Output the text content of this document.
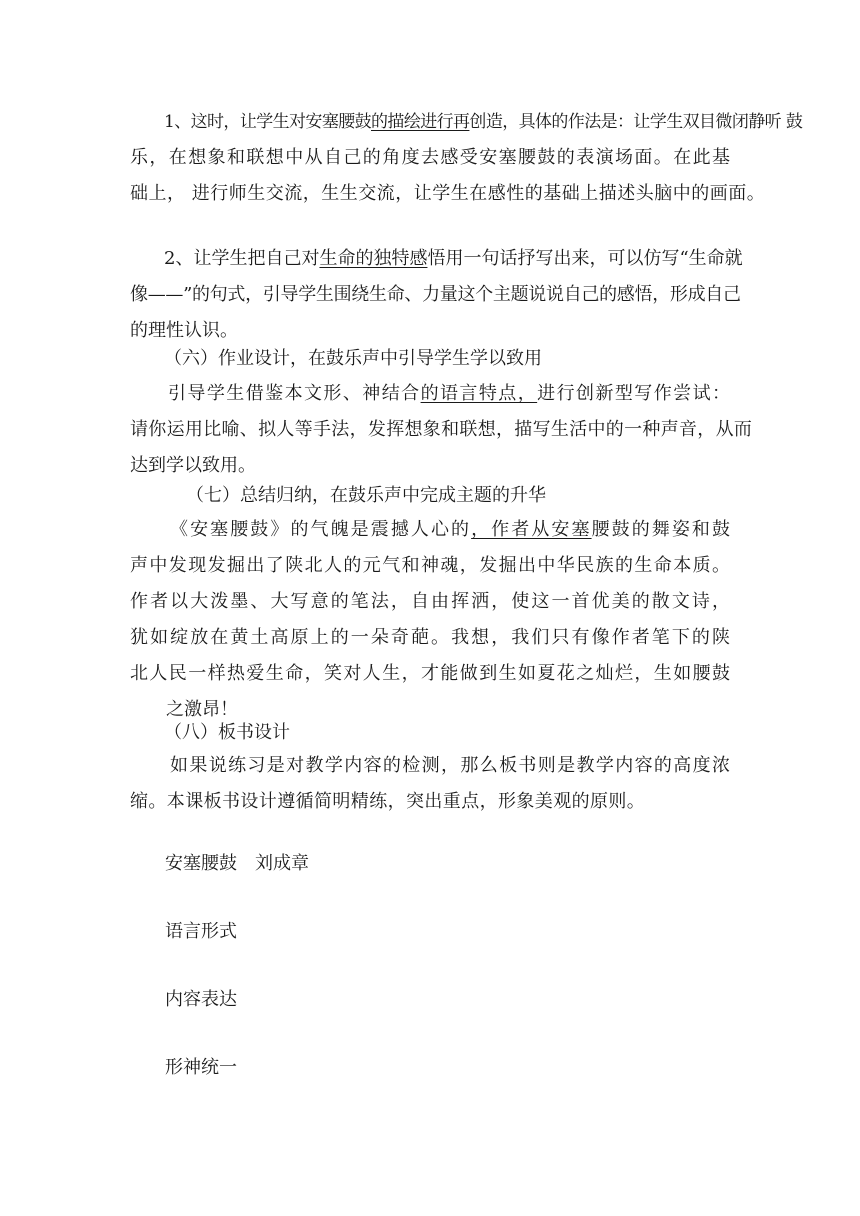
1、这时，让学生对安塞腰鼓的描绘进行再创造，具体的作法是：让学生双目微闭静听 鼓
乐，在想象和联想中从自己的角度去感受安塞腰鼓的表演场面。在此基
础上， 进行师生交流，生生交流，让学生在感性的基础上描述头脑中的画面。
2、让学生把自己对生命的独特感悟用一句话抒写出来，可以仿写“生命就
像——”的句式，引导学生围绕生命、力量这个主题说说自己的感悟，形成自己
的理性认识。
（六）作业设计，在鼓乐声中引导学生学以致用
引导学生借鉴本文形、神结合的语言特点，进行创新型写作尝试：
请你运用比喻、拟人等手法，发挥想象和联想，描写生活中的一种声音，从而
达到学以致用。
（七）总结归纳，在鼓乐声中完成主题的升华
《安塞腰鼓》的气魄是震撼人心的，作者从安塞腰鼓的舞姿和鼓
声中发现发掘出了陕北人的元气和神魂，发掘出中华民族的生命本质。
作者以大泼墨、大写意的笔法，自由挥洒，使这一首优美的散文诗，
犹如绽放在黄土高原上的一朵奇葩。我想，我们只有像作者笔下的陕
北人民一样热爱生命，笑对人生，才能做到生如夏花之灿烂，生如腰鼓
之激昂！
（八）板书设计
如果说练习是对教学内容的检测，那么板书则是教学内容的高度浓
缩。本课板书设计遵循简明精练，突出重点，形象美观的原则。
安塞腰鼓 刘成章
语言形式
内容表达
形神统一
